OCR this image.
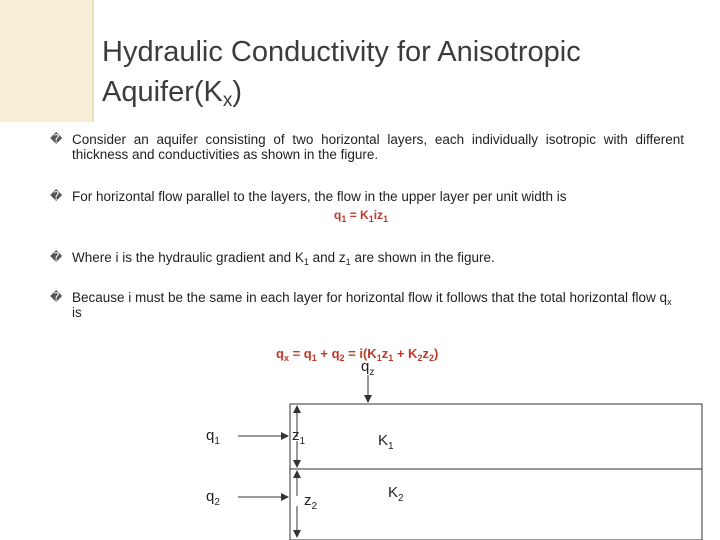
Hydraulic Conductivity for Anisotropic $Aquifer(K_x)$
� Consider an aquifer consisting of two horizontal layers, each individually isotropic with different thickness and conductivities as shown in the figure.
� For horizontal flow parallel to the layers, the flow in the upper layer per unit width is
$q_1 = K_1iz_1$
� Where i is the hydraulic gradient and $K_1$ and $z_1$ are shown in the figure.
� Because i must be the same in each layer for horizontal flow it follows that the total horizontal flow $q_x$ is
$q_x = q_1 + q_2 = i(K_1z_1 + K_2z_2)$
$q_z$
$q_1$
$q_2$
$z_1$
$z_2$
$K_1$
$K_2$
